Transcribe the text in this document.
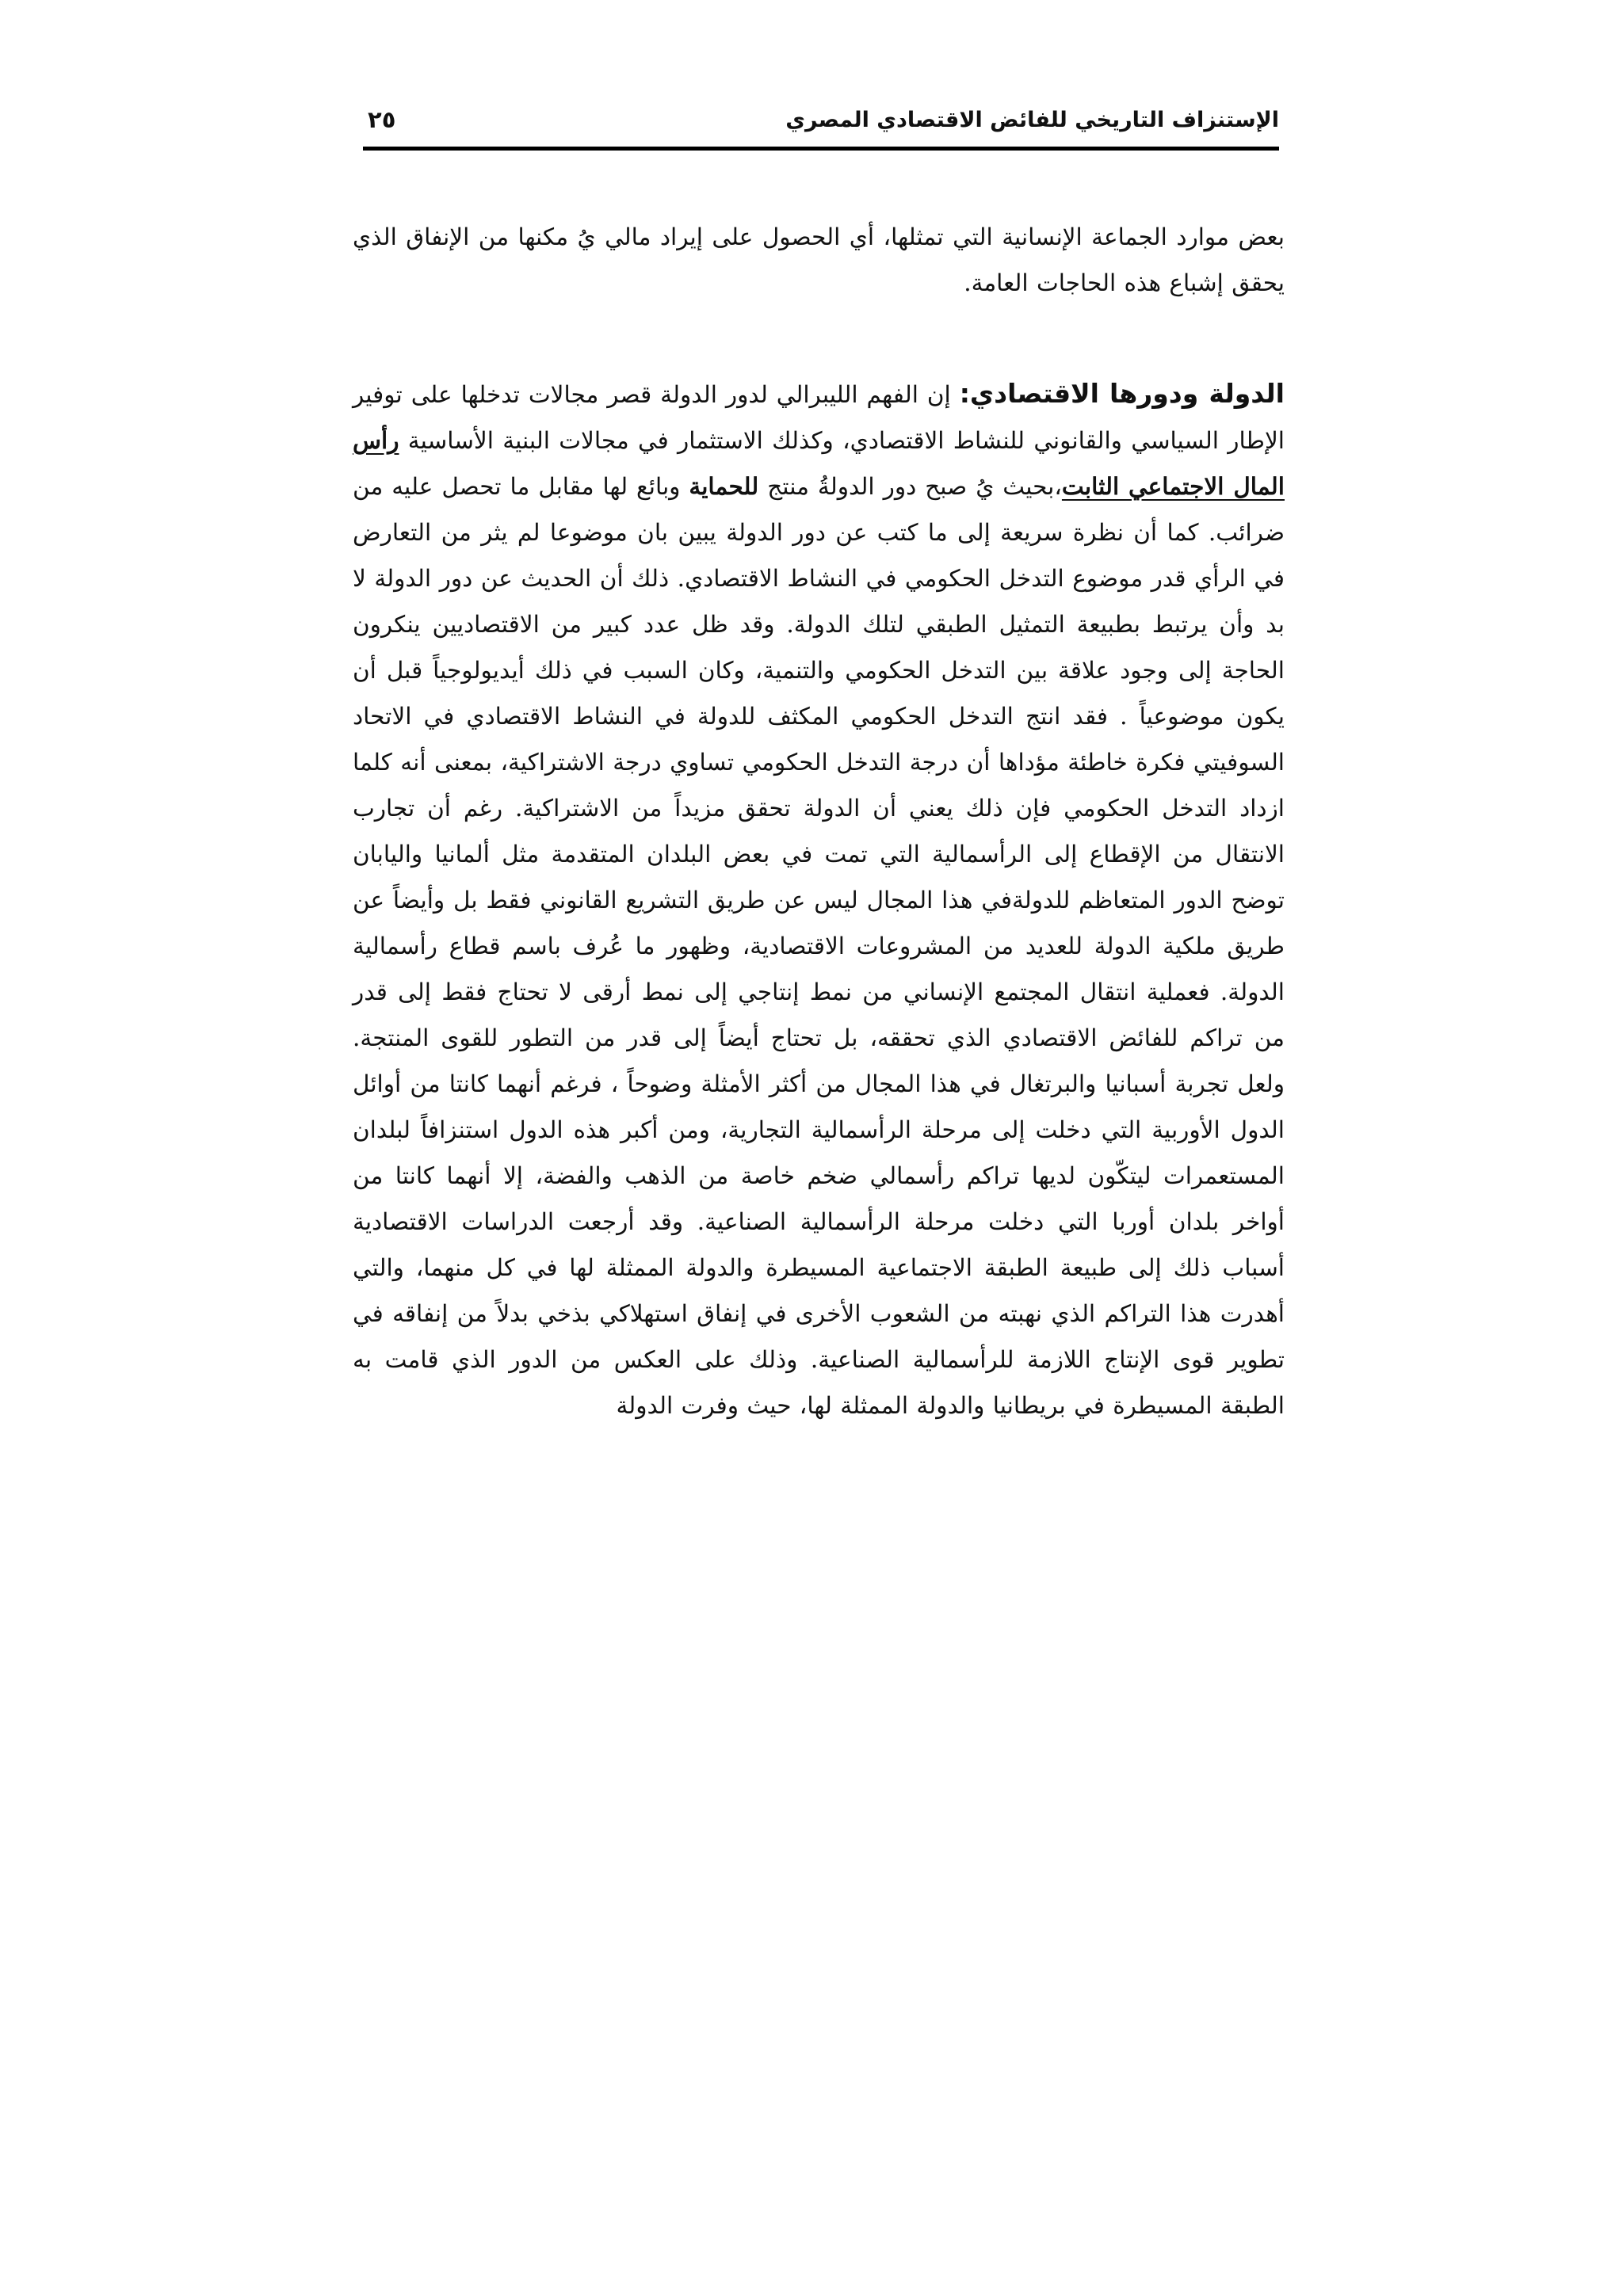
الإستنزاف التاريخي للفائض الاقتصادي المصري
٢٥

بعض موارد الجماعة الإنسانية التي تمثلها، أي الحصول على إيراد مالي يُ مكنها من الإنفاق الذي يحقق إشباع هذه الحاجات العامة.

الدولة ودورها الاقتصادي: إن الفهم الليبرالي لدور الدولة قصر مجالات تدخلها على توفير الإطار السياسي والقانوني للنشاط الاقتصادي، وكذلك الاستثمار في مجالات البنية الأساسية رأس المال الاجتماعي الثابت،بحيث يُ صبح دور الدولةُ منتج للحماية وبائع لها مقابل ما تحصل عليه من ضرائب. كما أن نظرة سريعة إلى ما كتب عن دور الدولة يبين بان موضوعا لم يثر من التعارض في الرأي قدر موضوع التدخل الحكومي في النشاط الاقتصادي. ذلك أن الحديث عن دور الدولة لا بد وأن يرتبط بطبيعة التمثيل الطبقي لتلك الدولة. وقد ظل عدد كبير من الاقتصاديين ينكرون الحاجة إلى وجود علاقة بين التدخل الحكومي والتنمية، وكان السبب في ذلك أيديولوجياً قبل أن يكون موضوعياً . فقد انتج التدخل الحكومي المكثف للدولة في النشاط الاقتصادي في الاتحاد السوفيتي فكرة خاطئة مؤداها أن درجة التدخل الحكومي تساوي درجة الاشتراكية، بمعنى أنه كلما ازداد التدخل الحكومي فإن ذلك يعني أن الدولة تحقق مزيداً من الاشتراكية. رغم أن تجارب الانتقال من الإقطاع إلى الرأسمالية التي تمت في بعض البلدان المتقدمة مثل ألمانيا واليابان توضح الدور المتعاظم للدولةفي هذا المجال ليس عن طريق التشريع القانوني فقط بل وأيضاً عن طريق ملكية الدولة للعديد من المشروعات الاقتصادية، وظهور ما عُرف باسم قطاع رأسمالية الدولة. فعملية انتقال المجتمع الإنساني من نمط إنتاجي إلى نمط أرقى لا تحتاج فقط إلى قدر من تراكم للفائض الاقتصادي الذي تحققه، بل تحتاج أيضاً إلى قدر من التطور للقوى المنتجة. ولعل تجربة أسبانيا والبرتغال في هذا المجال من أكثر الأمثلة وضوحاً ، فرغم أنهما كانتا من أوائل الدول الأوربية التي دخلت إلى مرحلة الرأسمالية التجارية، ومن أكبر هذه الدول استنزافاً لبلدان المستعمرات ليتكّون لديها تراكم رأسمالي ضخم خاصة من الذهب والفضة، إلا أنهما كانتا من أواخر بلدان أوربا التي دخلت مرحلة الرأسمالية الصناعية. وقد أرجعت الدراسات الاقتصادية أسباب ذلك إلى طبيعة الطبقة الاجتماعية المسيطرة والدولة الممثلة لها في كل منهما، والتي أهدرت هذا التراكم الذي نهبته من الشعوب الأخرى في إنفاق استهلاكي بذخي بدلاً من إنفاقه في تطوير قوى الإنتاج اللازمة للرأسمالية الصناعية. وذلك على العكس من الدور الذي قامت به الطبقة المسيطرة في بريطانيا والدولة الممثلة لها، حيث وفرت الدولة
